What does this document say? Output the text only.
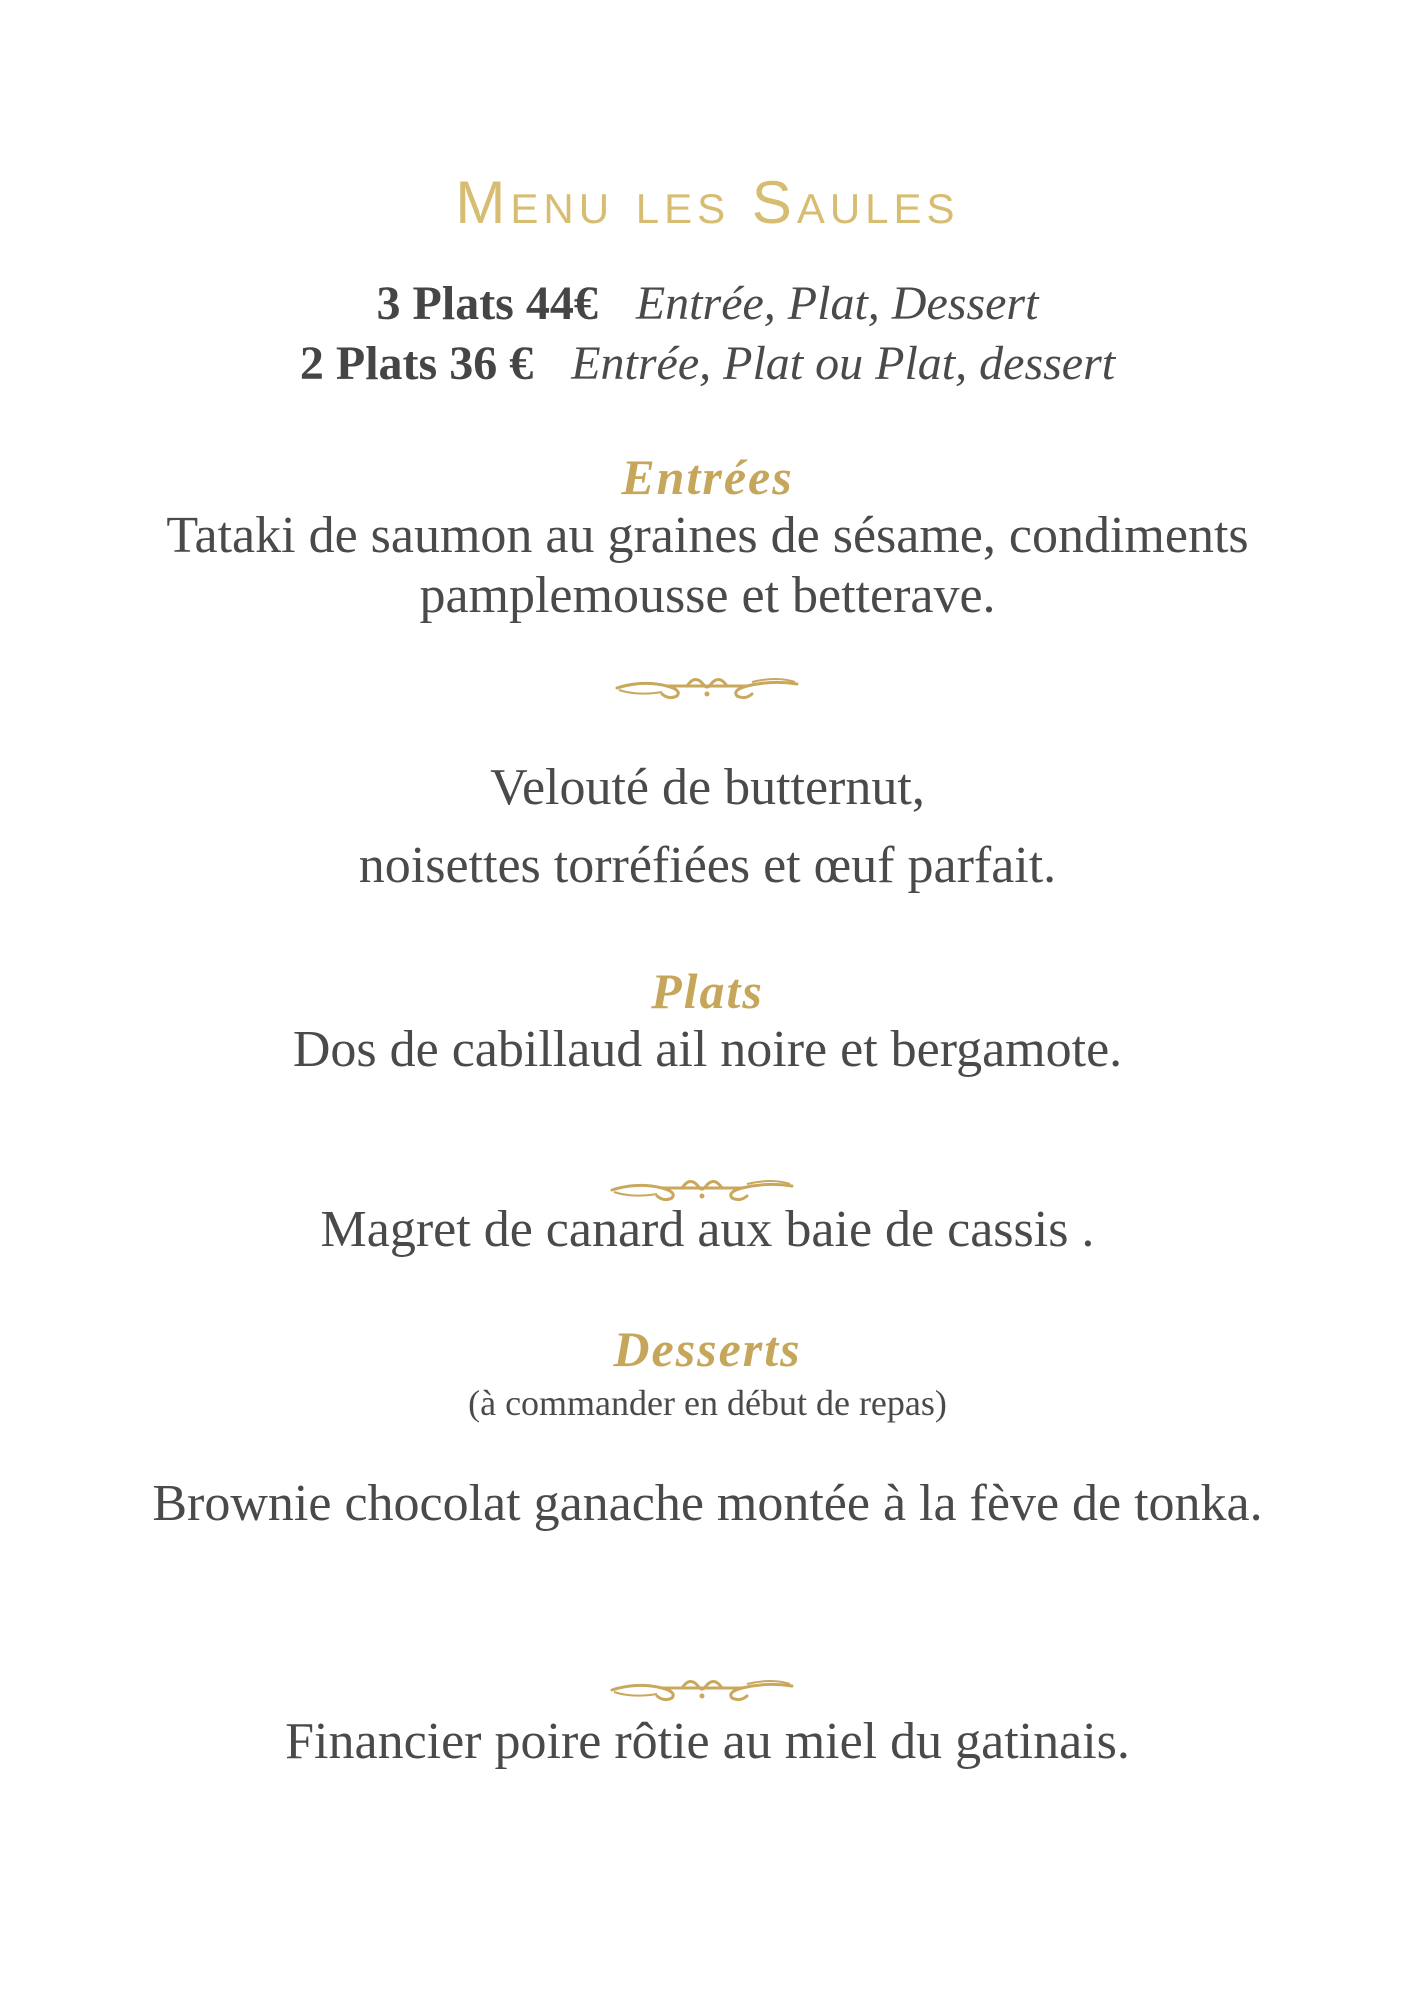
Menu les Saules
3 Plats 44€ Entrée, Plat, Dessert
2 Plats 36 € Entrée, Plat ou Plat, dessert
Entrées
Tataki de saumon au graines de sésame, condiments
pamplemousse et betterave.
Velouté de butternut,
noisettes torréfiées et œuf parfait.
Plats
Dos de cabillaud ail noire et bergamote.
Magret de canard aux baie de cassis .
Desserts
(à commander en début de repas)
Brownie chocolat ganache montée à la fève de tonka.
Financier poire rôtie au miel du gatinais.
